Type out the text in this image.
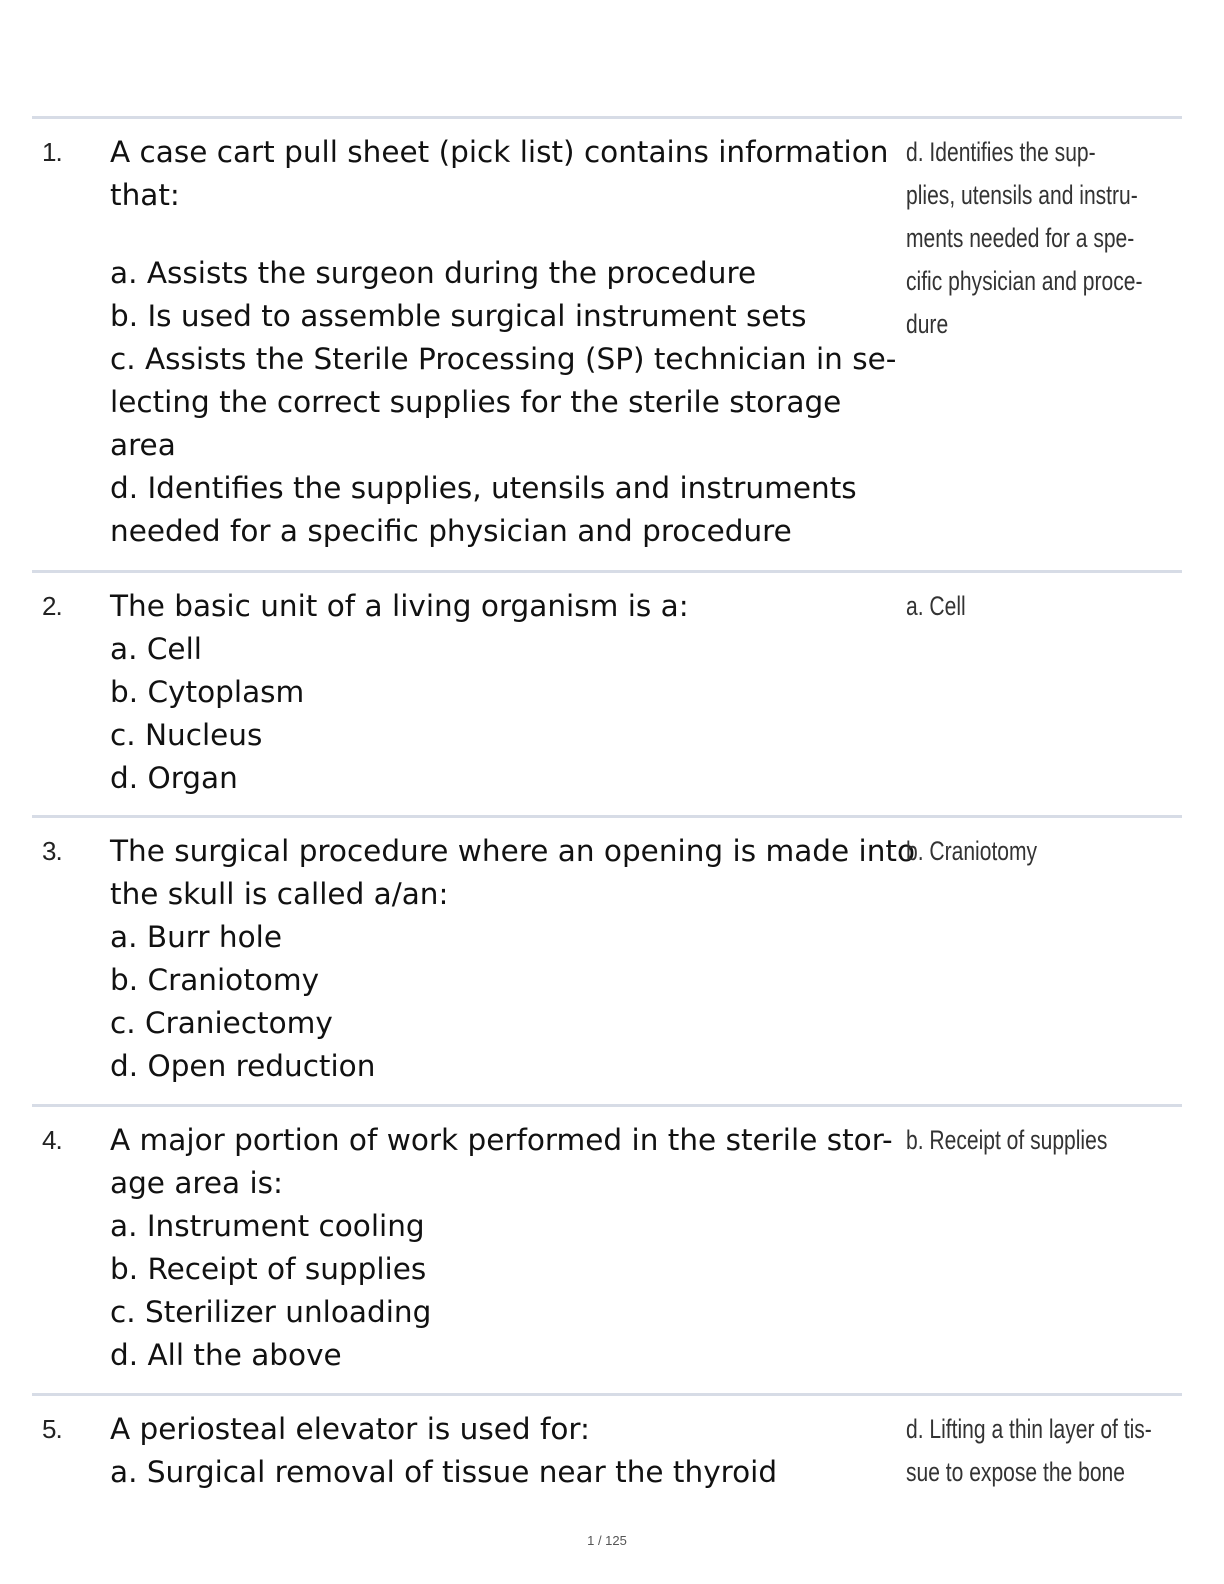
1. A case cart pull sheet (pick list) contains information
that:
a. Assists the surgeon during the procedure
b. Is used to assemble surgical instrument sets
c. Assists the Sterile Processing (SP) technician in se-
lecting the correct supplies for the sterile storage
area
d. Identifies the supplies, utensils and instruments
needed for a specific physician and procedure
d. Identifies the sup-
plies, utensils and instru-
ments needed for a spe-
cific physician and proce-
dure
2. The basic unit of a living organism is a:
a. Cell
b. Cytoplasm
c. Nucleus
d. Organ
a. Cell
3. The surgical procedure where an opening is made into
the skull is called a/an:
a. Burr hole
b. Craniotomy
c. Craniectomy
d. Open reduction
b. Craniotomy
4. A major portion of work performed in the sterile stor-
age area is:
a. Instrument cooling
b. Receipt of supplies
c. Sterilizer unloading
d. All the above
b. Receipt of supplies
5. A periosteal elevator is used for:
a. Surgical removal of tissue near the thyroid
d. Lifting a thin layer of tis-
sue to expose the bone
1 / 125
